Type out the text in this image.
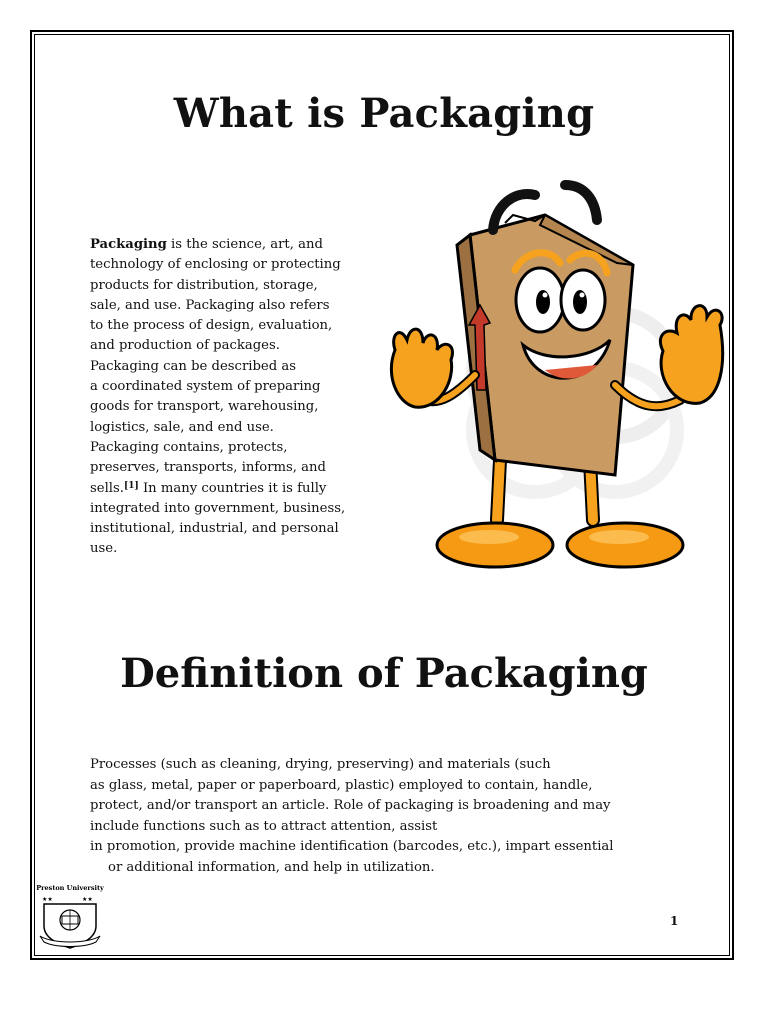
What is Packaging
Packaging is the science, art, and
technology of enclosing or protecting
products for distribution, storage,
sale, and use. Packaging also refers
to the process of design, evaluation,
and production of packages.
Packaging can be described as
a coordinated system of preparing
goods for transport, warehousing,
logistics, sale, and end use.
Packaging contains, protects,
preserves, transports, informs, and
sells.[1] In many countries it is fully
integrated into government, business,
institutional, industrial, and personal
use.
Definition of Packaging
Processes (such as cleaning, drying, preserving) and materials (such
as glass, metal, paper or paperboard, plastic) employed to contain, handle,
protect, and/or transport an article. Role of packaging is broadening and may
include functions such as to attract attention, assist
in promotion, provide machine identification (barcodes, etc.), impart essential
or additional information, and help in utilization.
Preston University
★★	★★
1
